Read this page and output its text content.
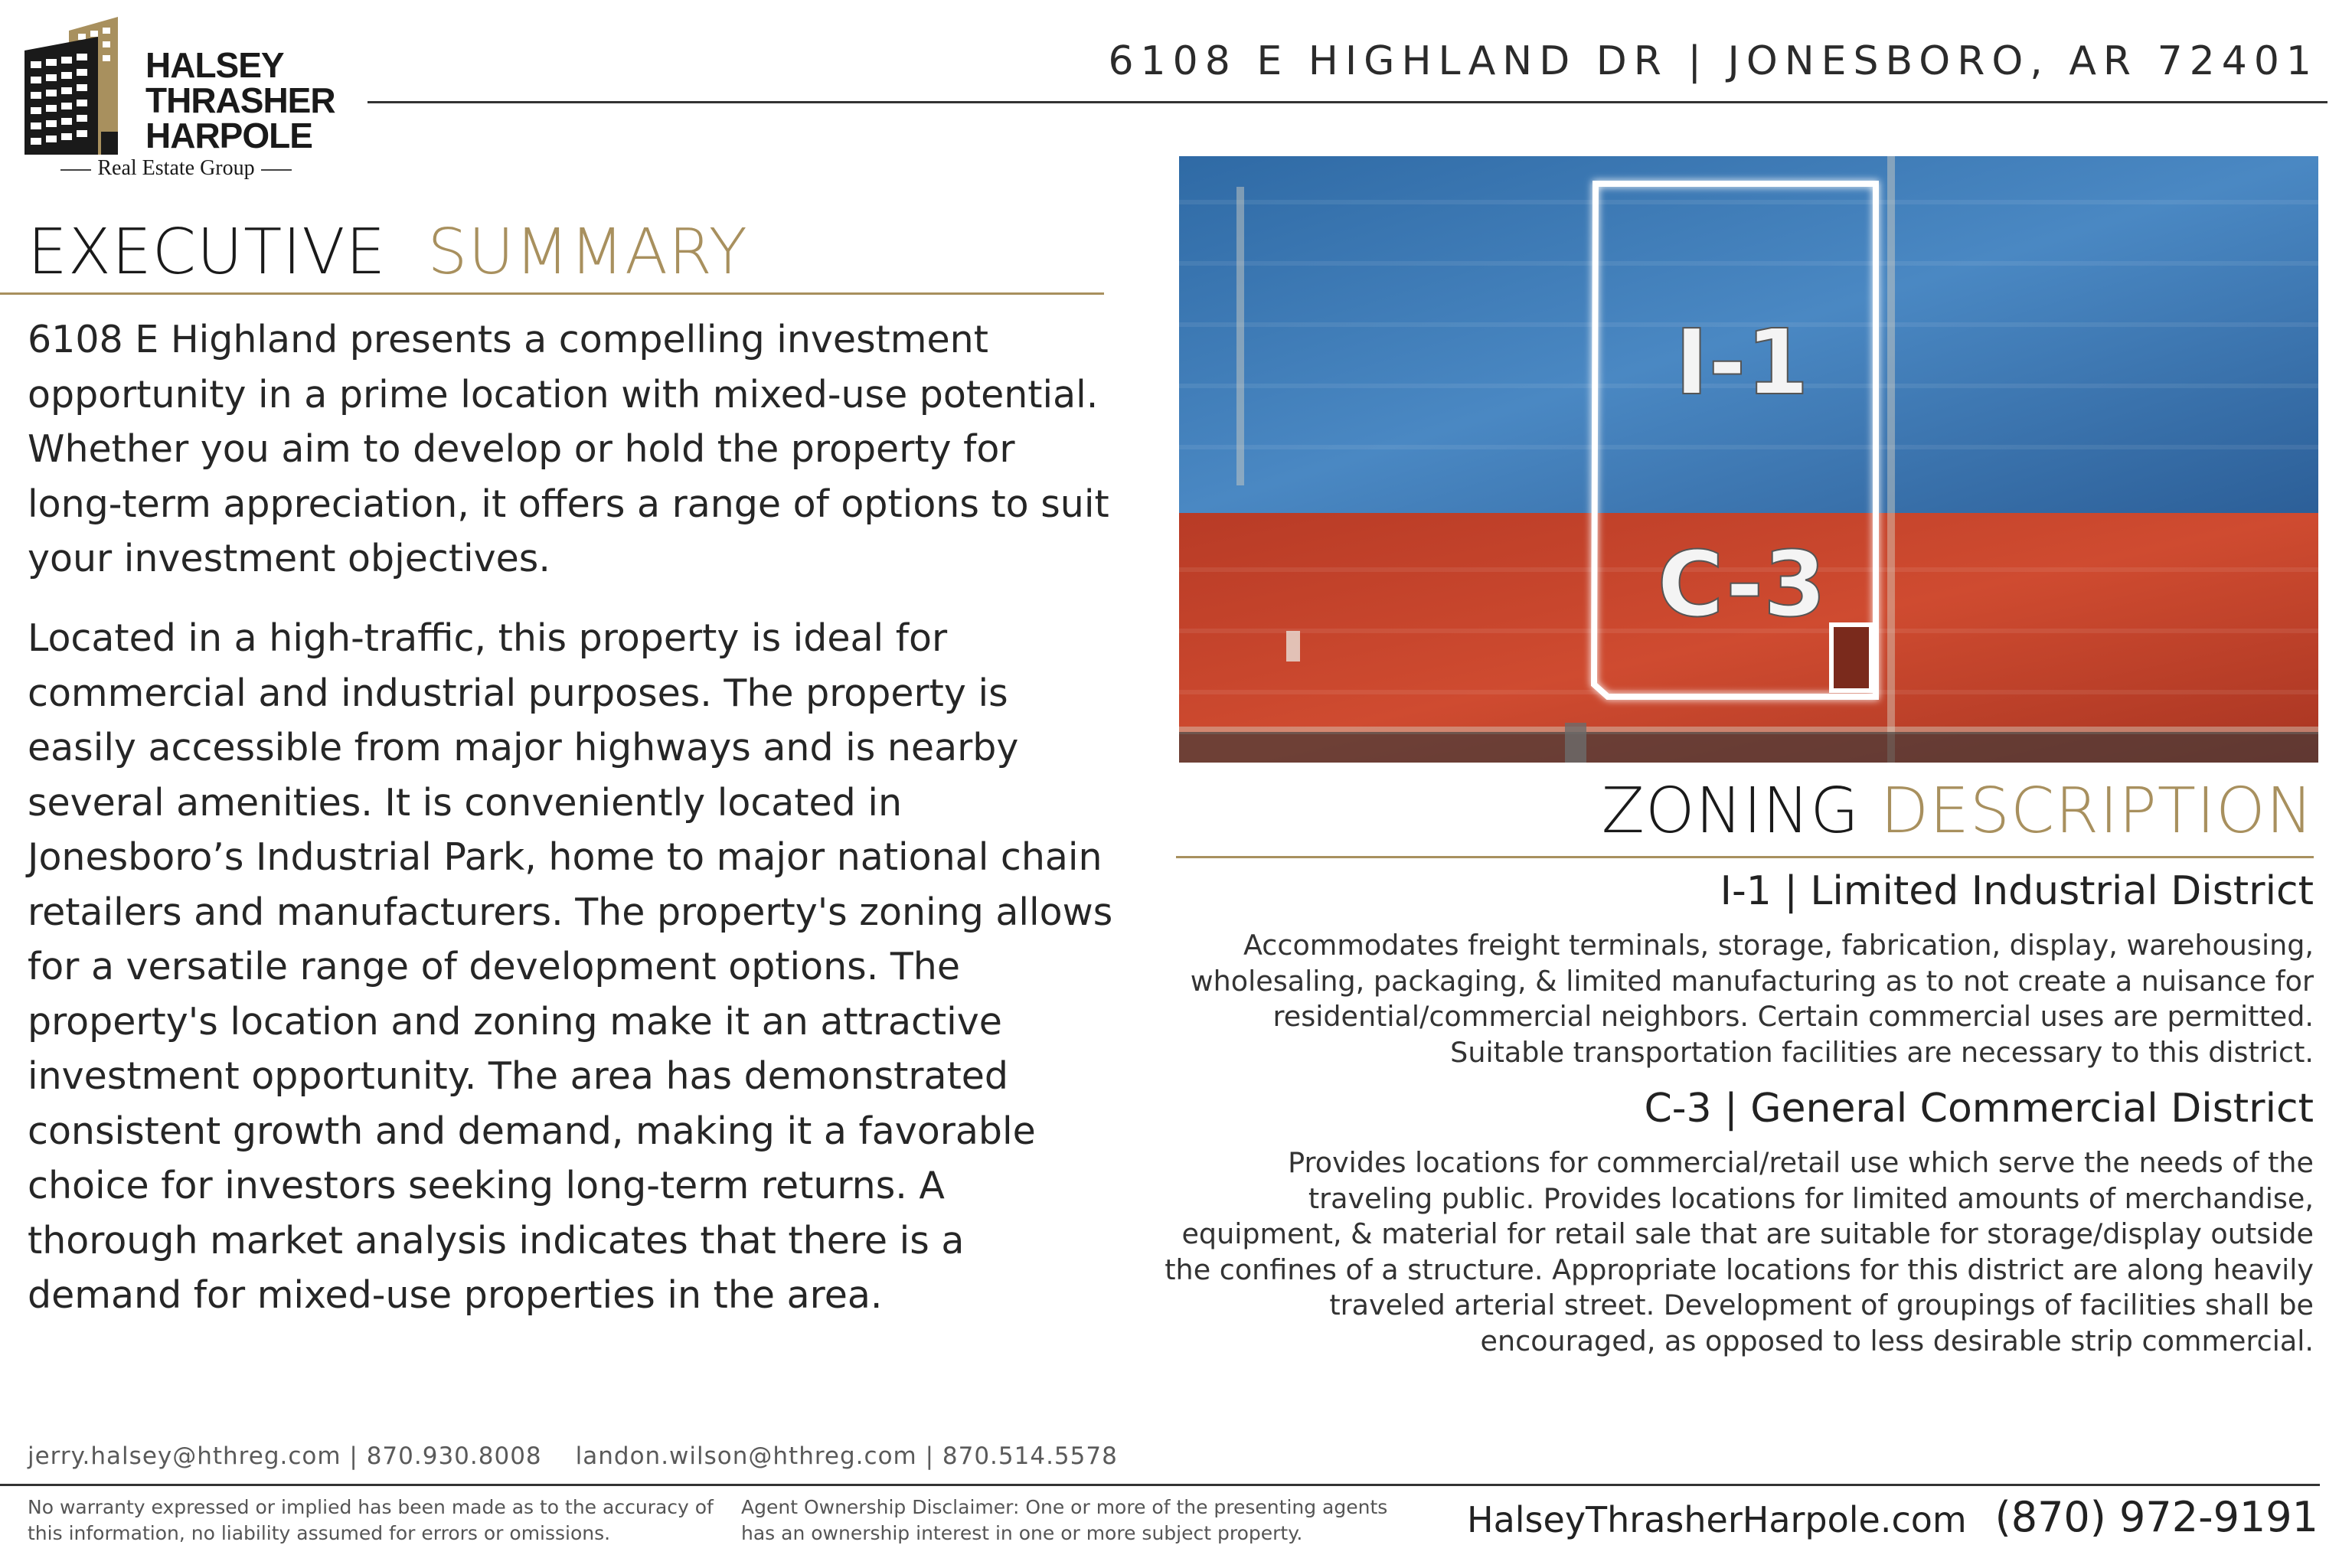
HALSEY
THRASHER
HARPOLE
Real Estate Group
6108 E HIGHLAND DR | JONESBORO, AR 72401
EXECUTIVE SUMMARY

6108 E Highland presents a compelling investment opportunity in a prime location with mixed-use potential. Whether you aim to develop or hold the property for long-term appreciation, it offers a range of options to suit your investment objectives.

Located in a high-traffic, this property is ideal for commercial and industrial purposes. The property is easily accessible from major highways and is nearby several amenities. It is conveniently located in Jonesboro’s Industrial Park, home to major national chain retailers and manufacturers. The property's zoning allows for a versatile range of development options. The property's location and zoning make it an attractive investment opportunity. The area has demonstrated consistent growth and demand, making it a favorable choice for investors seeking long-term returns. A thorough market analysis indicates that there is a demand for mixed-use properties in the area.

I-1
C-3
ZONING DESCRIPTION
I-1 | Limited Industrial District

Accommodates freight terminals, storage, fabrication, display, warehousing, wholesaling, packaging, & limited manufacturing as to not create a nuisance for residential/commercial neighbors. Certain commercial uses are permitted. Suitable transportation facilities are necessary to this district.

C-3 | General Commercial District

Provides locations for commercial/retail use which serve the needs of the traveling public. Provides locations for limited amounts of merchandise, equipment, & material for retail sale that are suitable for storage/display outside the confines of a structure. Appropriate locations for this district are along heavily traveled arterial street. Development of groupings of facilities shall be encouraged, as opposed to less desirable strip commercial.

jerry.halsey@hthreg.com | 870.930.8008 landon.wilson@hthreg.com | 870.514.5578

No warranty expressed or implied has been made as to the accuracy of this information, no liability assumed for errors or omissions.

Agent Ownership Disclaimer: One or more of the presenting agents has an ownership interest in one or more subject property.	HalseyThrasherHarpole.com (870) 972-9191
